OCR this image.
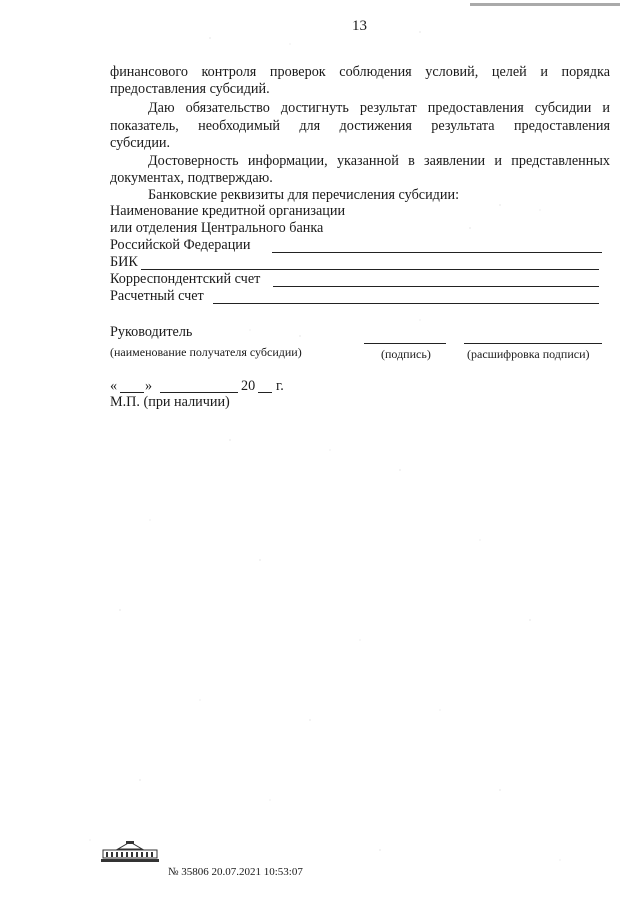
13
финансового контроля проверок соблюдения условий, целей и порядка
предоставления субсидий.
Даю обязательство достигнуть результат предоставления субсидии и
показатель, необходимый для достижения результата предоставления
субсидии.
Достоверность информации, указанной в заявлении и представленных
документах, подтверждаю.
Банковские реквизиты для перечисления субсидии:
Наименование кредитной организации
или отделения Центрального банка
Российской Федерации
БИК
Корреспондентский счет
Расчетный счет
Руководитель
(наименование получателя субсидии)	(подпись)	(расшифровка подписи)
« »	20 г.
М.П. (при наличии)
№ 35806 20.07.2021 10:53:07
